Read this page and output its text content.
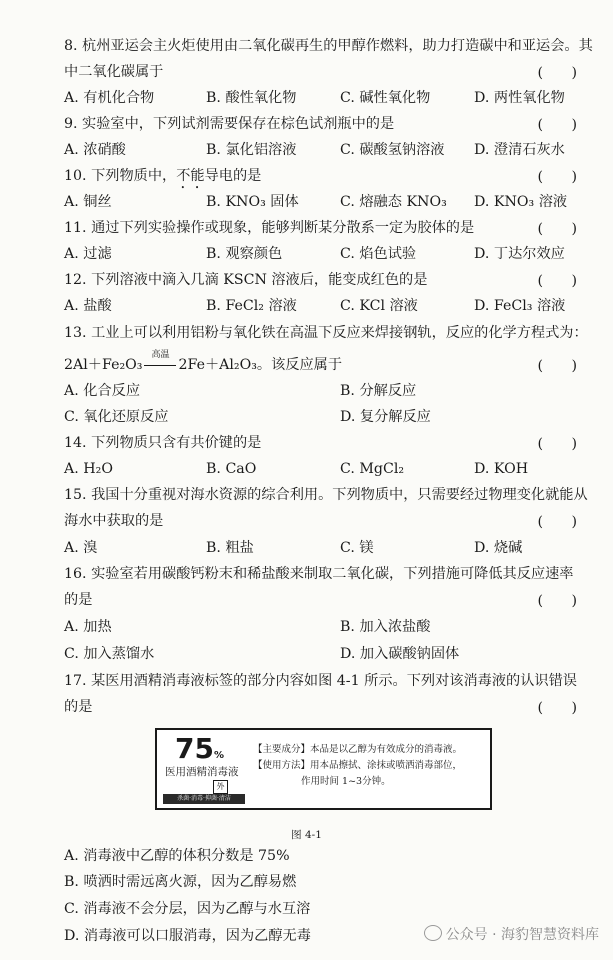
8. 杭州亚运会主火炬使用由二氧化碳再生的甲醇作燃料，助力打造碳中和亚运会。其
中二氧化碳属于	(　　)
A. 有机化合物	B. 酸性氧化物	C. 碱性氧化物	D. 两性氧化物
9. 实验室中，下列试剂需要保存在棕色试剂瓶中的是	(　　)
A. 浓硝酸	B. 氯化铝溶液	C. 碳酸氢钠溶液 D. 澄清石灰水
10. 下列物质中，不能导电的是	(　　)
A. 铜丝	B. KNO₃ 固体	C. 熔融态 KNO₃ D. KNO₃ 溶液
11. 通过下列实验操作或现象，能够判断某分散系一定为胶体的是	(　　)
A. 过滤	B. 观察颜色	C. 焰色试验	D. 丁达尔效应
12. 下列溶液中滴入几滴 KSCN 溶液后，能变成红色的是	(　　)
A. 盐酸	B. FeCl₂ 溶液	C. KCl 溶液	D. FeCl₃ 溶液
13. 工业上可以利用铝粉与氧化铁在高温下反应来焊接钢轨，反应的化学方程式为：
2Al＋Fe₂O₃
高温
2Fe＋Al₂O₃。该反应属于	(　　)
A. 化合反应	B. 分解反应
C. 氧化还原反应	D. 复分解反应
14. 下列物质只含有共价键的是	(　　)
A. H₂O	B. CaO	C. MgCl₂	D. KOH
15. 我国十分重视对海水资源的综合利用。下列物质中，只需要经过物理变化就能从
海水中获取的是	(　　)
A. 溴	B. 粗盐	C. 镁	D. 烧碱
16. 实验室若用碳酸钙粉末和稀盐酸来制取二氧化碳，下列措施可降低其反应速率
的是	(　　)
A. 加热	B. 加入浓盐酸
C. 加入蒸馏水	D. 加入碳酸钠固体
17. 某医用酒精消毒液标签的部分内容如图 4-1 所示。下列对该消毒液的认识错误
的是	(　　)
75%
医用酒精消毒液
外
杀菌·消毒·抑菌·清洁
【主要成分】本品是以乙醇为有效成分的消毒液。
【使用方法】用本品擦拭、涂抹或喷洒消毒部位，
作用时间 1~3分钟。
图 4-1
A. 消毒液中乙醇的体积分数是 75%
B. 喷洒时需远离火源，因为乙醇易燃
C. 消毒液不会分层，因为乙醇与水互溶
D. 消毒液可以口服消毒，因为乙醇无毒	公众号 · 海豹智慧资料库
